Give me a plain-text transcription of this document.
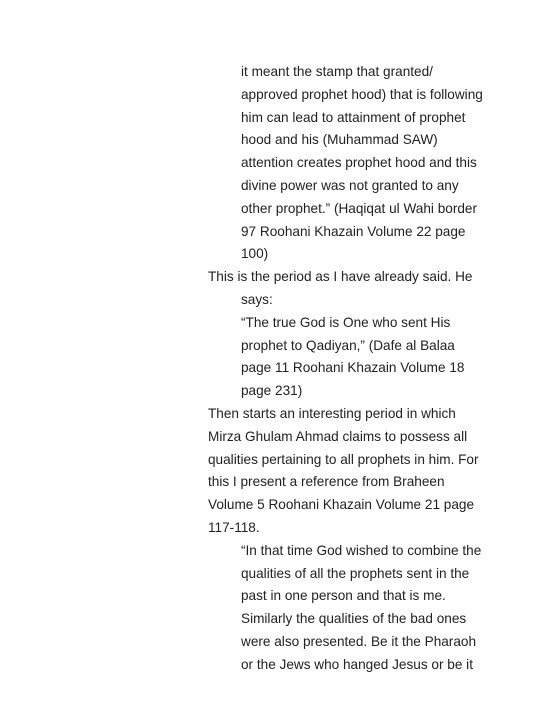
it meant the stamp that granted/
approved prophet hood) that is following
him can lead to attainment of prophet
hood and his (Muhammad SAW)
attention creates prophet hood and this
divine power was not granted to any
other prophet.” (Haqiqat ul Wahi border
97 Roohani Khazain Volume 22 page
100)
This is the period as I have already said. He
says:
“The true God is One who sent His
prophet to Qadiyan,” (Dafe al Balaa
page 11 Roohani Khazain Volume 18
page 231)
Then starts an interesting period in which
Mirza Ghulam Ahmad claims to possess all
qualities pertaining to all prophets in him. For
this I present a reference from Braheen
Volume 5 Roohani Khazain Volume 21 page
117-118.
“In that time God wished to combine the
qualities of all the prophets sent in the
past in one person and that is me.
Similarly the qualities of the bad ones
were also presented. Be it the Pharaoh
or the Jews who hanged Jesus or be it
